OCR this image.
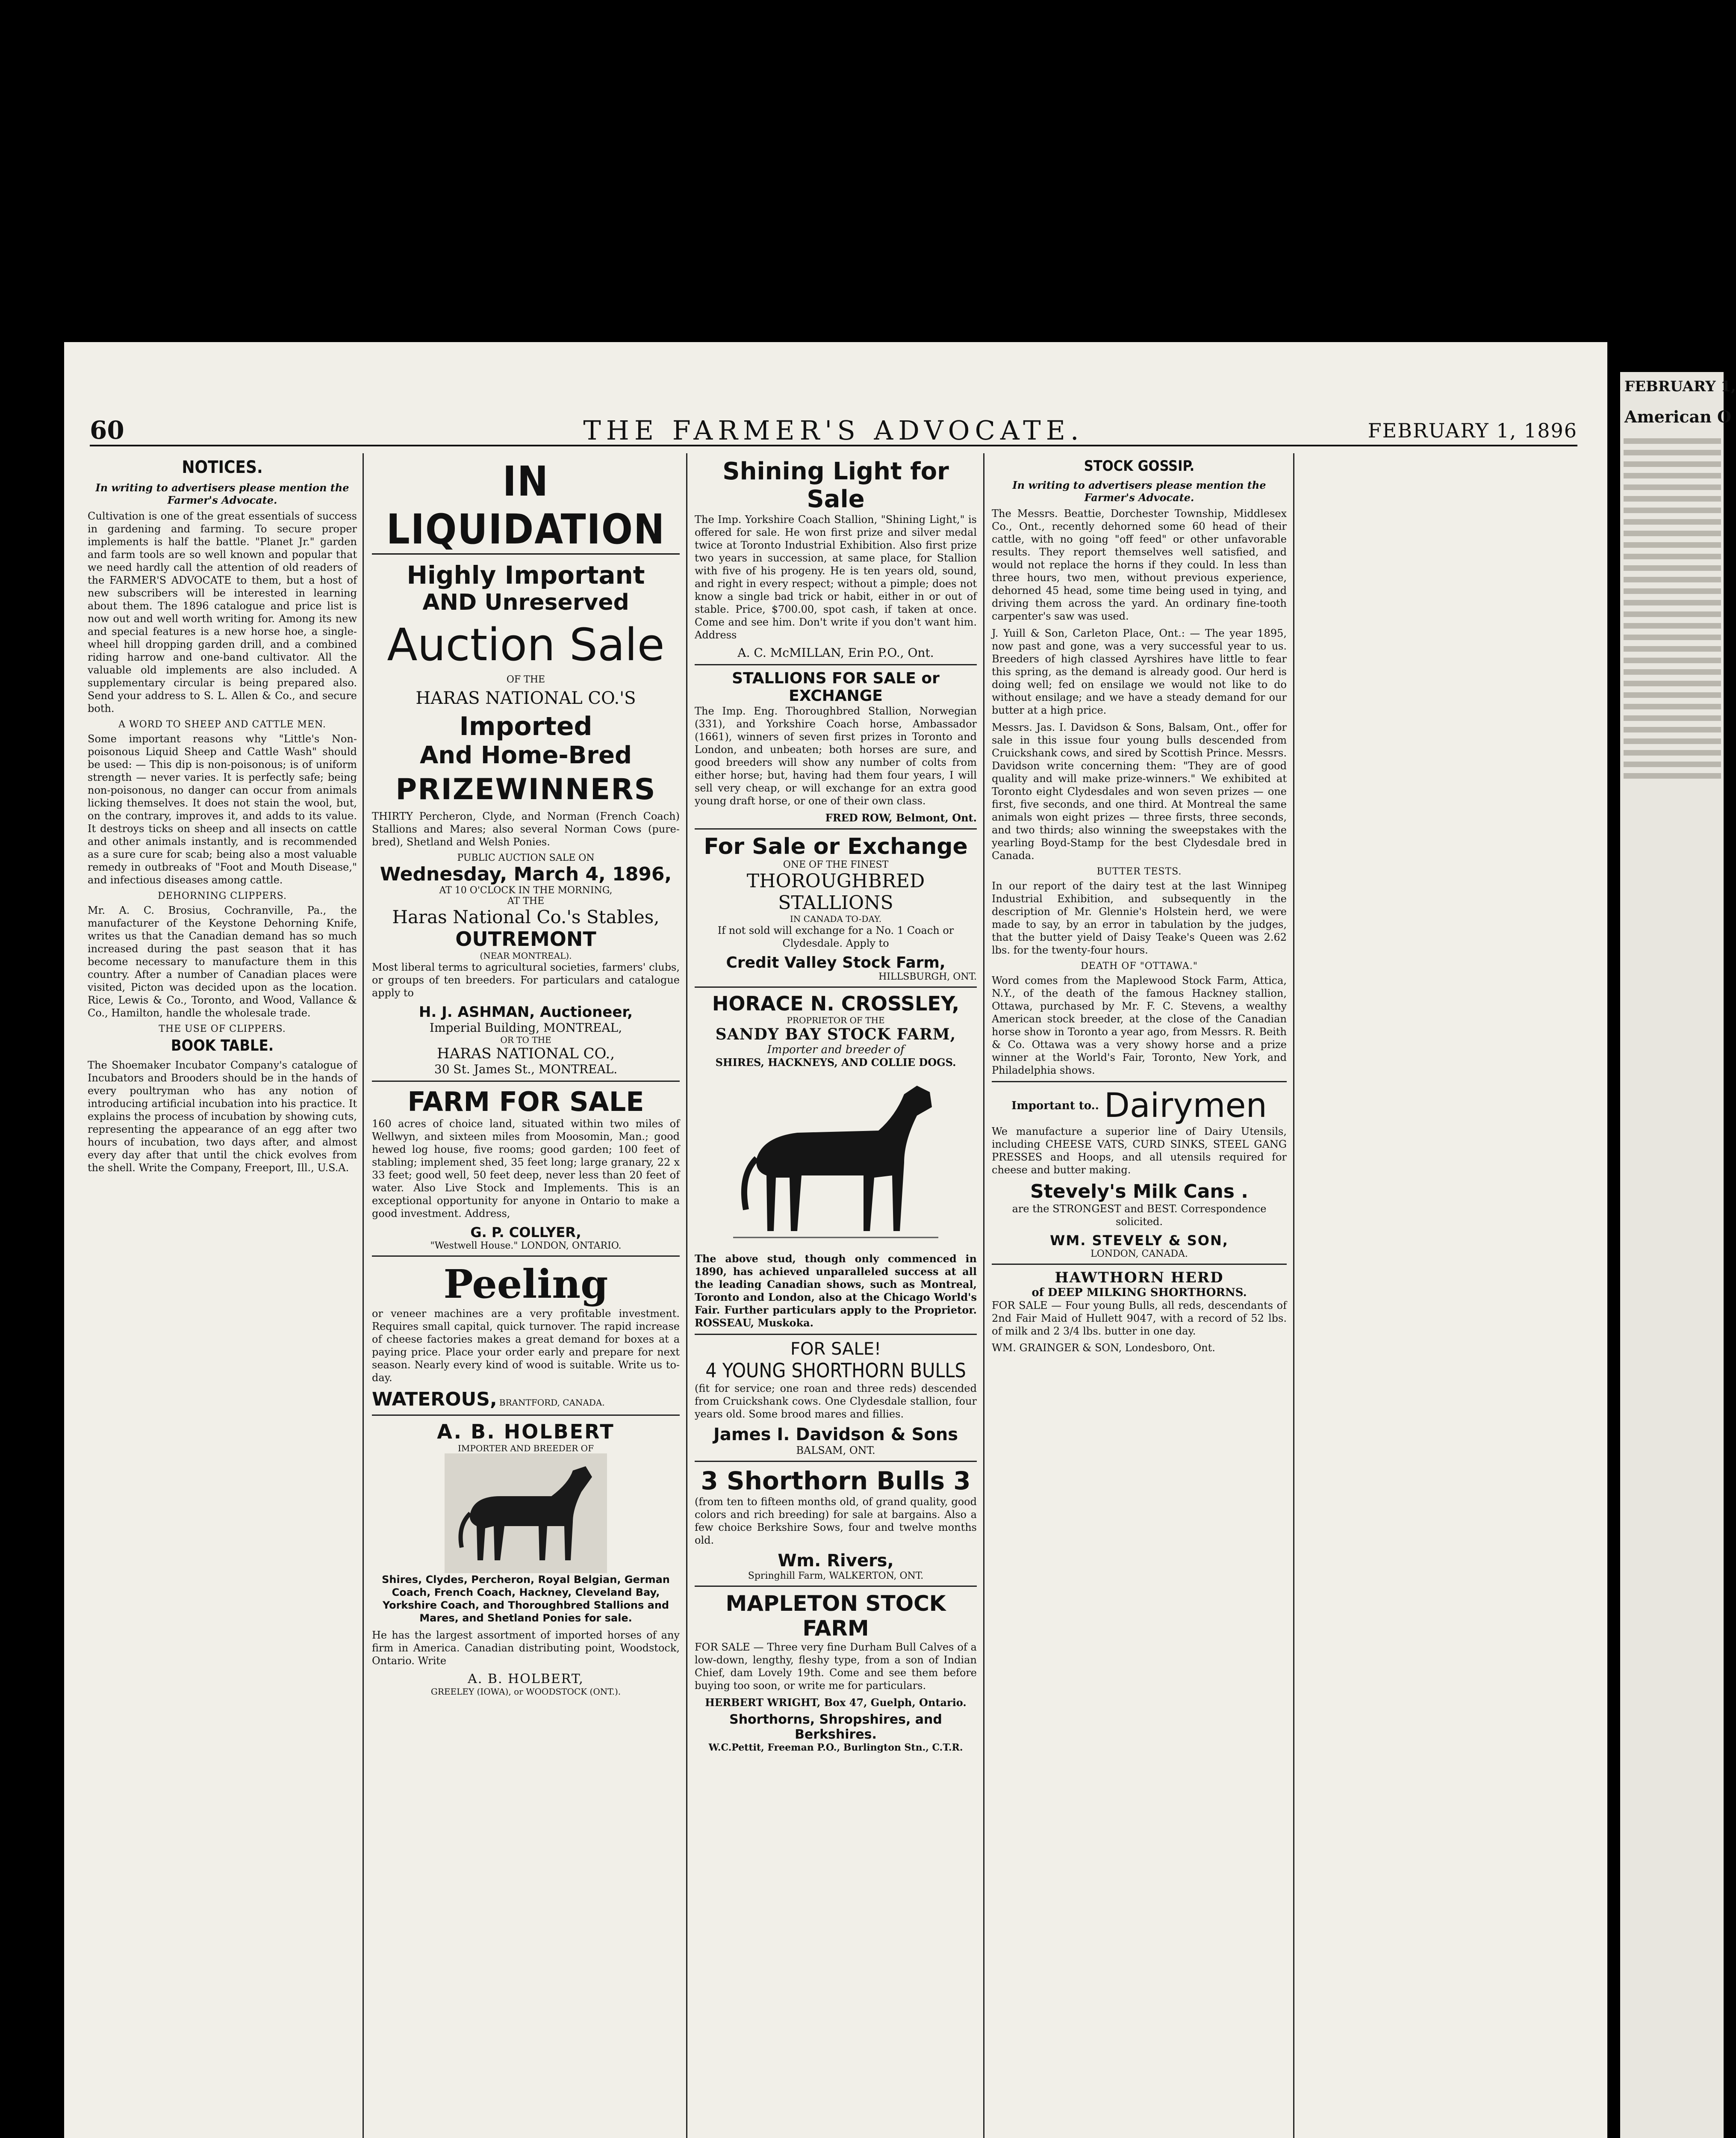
60	THE FARMER'S ADVOCATE.	FEBRUARY 1, 1896
NOTICES.

In writing to advertisers please mention the Farmer's Advocate.

Cultivation is one of the great essentials of success in gardening and farming. To secure proper implements is half the battle. "Planet Jr." garden and farm tools are so well known and popular that we need hardly call the attention of old readers of the FARMER'S ADVOCATE to them, but a host of new subscribers will be interested in learning about them. The 1896 catalogue and price list is now out and well worth writing for. Among its new and special features is a new horse hoe, a single-wheel hill dropping garden drill, and a combined riding harrow and one-band cultivator. All the valuable old implements are also included. A supplementary circular is being prepared also. Send your address to S. L. Allen & Co., and secure both.

A WORD TO SHEEP AND CATTLE MEN.

Some important reasons why "Little's Non-poisonous Liquid Sheep and Cattle Wash" should be used: — This dip is non-poisonous; is of uniform strength — never varies. It is perfectly safe; being non-poisonous, no danger can occur from animals licking themselves. It does not stain the wool, but, on the contrary, improves it, and adds to its value. It destroys ticks on sheep and all insects on cattle and other animals instantly, and is recommended as a sure cure for scab; being also a most valuable remedy in outbreaks of "Foot and Mouth Disease," and infectious diseases among cattle.

DEHORNING CLIPPERS.

Mr. A. C. Brosius, Cochranville, Pa., the manufacturer of the Keystone Dehorning Knife, writes us that the Canadian demand has so much increased during the past season that it has become necessary to manufacture them in this country. After a number of Canadian places were visited, Picton was decided upon as the location. Rice, Lewis & Co., Toronto, and Wood, Vallance & Co., Hamilton, handle the wholesale trade.

THE USE OF CLIPPERS.
BOOK TABLE.

The Shoemaker Incubator Company's catalogue of Incubators and Brooders should be in the hands of every poultryman who has any notion of introducing artificial incubation into his practice. It explains the process of incubation by showing cuts, representing the appearance of an egg after two hours of incubation, two days after, and almost every day after that until the chick evolves from the shell. Write the Company, Freeport, Ill., U.S.A.

IN LIQUIDATION
Highly Important
AND Unreserved
Auction Sale
OF THE
HARAS NATIONAL CO.'S
Imported
And Home-Bred
PRIZEWINNERS

THIRTY Percheron, Clyde, and Norman (French Coach) Stallions and Mares; also several Norman Cows (pure-bred), Shetland and Welsh Ponies.

PUBLIC AUCTION SALE ON
Wednesday, March 4, 1896,
AT 10 O'CLOCK IN THE MORNING,
AT THE
Haras National Co.'s Stables,
OUTREMONT
(NEAR MONTREAL).

Most liberal terms to agricultural societies, farmers' clubs, or groups of ten breeders. For particulars and catalogue apply to

H. J. ASHMAN, Auctioneer,
Imperial Building, MONTREAL,
OR TO THE
HARAS NATIONAL CO.,
30 St. James St., MONTREAL.
FARM FOR SALE

160 acres of choice land, situated within two miles of Wellwyn, and sixteen miles from Moosomin, Man.; good hewed log house, five rooms; good garden; 100 feet of stabling; implement shed, 35 feet long; large granary, 22 x 33 feet; good well, 50 feet deep, never less than 20 feet of water. Also Live Stock and Implements. This is an exceptional opportunity for anyone in Ontario to make a good investment. Address,

G. P. COLLYER,
"Westwell House." LONDON, ONTARIO.
Peeling

or veneer machines are a very profitable investment. Requires small capital, quick turnover. The rapid increase of cheese factories makes a great demand for boxes at a paying price. Place your order early and prepare for next season. Nearly every kind of wood is suitable. Write us to-day.

WATEROUS, BRANTFORD, CANADA.
A. B. HOLBERT
IMPORTER AND BREEDER OF

Shires, Clydes, Percheron, Royal Belgian, German Coach, French Coach, Hackney, Cleveland Bay, Yorkshire Coach, and Thoroughbred Stallions and Mares, and Shetland Ponies for sale.

He has the largest assortment of imported horses of any firm in America. Canadian distributing point, Woodstock, Ontario. Write

A. B. HOLBERT,
GREELEY (IOWA), or WOODSTOCK (ONT.).
Shining Light for Sale

The Imp. Yorkshire Coach Stallion, "Shining Light," is offered for sale. He won first prize and silver medal twice at Toronto Industrial Exhibition. Also first prize two years in succession, at same place, for Stallion with five of his progeny. He is ten years old, sound, and right in every respect; without a pimple; does not know a single bad trick or habit, either in or out of stable. Price, $700.00, spot cash, if taken at once. Come and see him. Don't write if you don't want him. Address

A. C. McMILLAN, Erin P.O., Ont.
STALLIONS FOR SALE or EXCHANGE

The Imp. Eng. Thoroughbred Stallion, Norwegian (331), and Yorkshire Coach horse, Ambassador (1661), winners of seven first prizes in Toronto and London, and unbeaten; both horses are sure, and good breeders will show any number of colts from either horse; but, having had them four years, I will sell very cheap, or will exchange for an extra good young draft horse, or one of their own class.

FRED ROW, Belmont, Ont.
For Sale or Exchange
ONE OF THE FINEST
THOROUGHBRED STALLIONS
IN CANADA TO-DAY.

If not sold will exchange for a No. 1 Coach or Clydesdale. Apply to

Credit Valley Stock Farm,
HILLSBURGH, ONT.
HORACE N. CROSSLEY,
PROPRIETOR OF THE
SANDY BAY STOCK FARM,
Importer and breeder of
SHIRES, HACKNEYS, AND COLLIE DOGS.

The above stud, though only commenced in 1890, has achieved unparalleled success at all the leading Canadian shows, such as Montreal, Toronto and London, also at the Chicago World's Fair. Further particulars apply to the Proprietor. ROSSEAU, Muskoka.

FOR SALE!
4 YOUNG SHORTHORN BULLS

(fit for service; one roan and three reds) descended from Cruickshank cows. One Clydesdale stallion, four years old. Some brood mares and fillies.

James I. Davidson & Sons
BALSAM, ONT.
3 Shorthorn Bulls 3

(from ten to fifteen months old, of grand quality, good colors and rich breeding) for sale at bargains. Also a few choice Berkshire Sows, four and twelve months old.

Wm. Rivers,
Springhill Farm, WALKERTON, ONT.
MAPLETON STOCK FARM

FOR SALE — Three very fine Durham Bull Calves of a low-down, lengthy, fleshy type, from a son of Indian Chief, dam Lovely 19th. Come and see them before buying too soon, or write me for particulars.

HERBERT WRIGHT, Box 47, Guelph, Ontario.
Shorthorns, Shropshires, and Berkshires.
W.C.Pettit, Freeman P.O., Burlington Stn., C.T.R.
STOCK GOSSIP.

In writing to advertisers please mention the Farmer's Advocate.

The Messrs. Beattie, Dorchester Township, Middlesex Co., Ont., recently dehorned some 60 head of their cattle, with no going "off feed" or other unfavorable results. They report themselves well satisfied, and would not replace the horns if they could. In less than three hours, two men, without previous experience, dehorned 45 head, some time being used in tying, and driving them across the yard. An ordinary fine-tooth carpenter's saw was used.

J. Yuill & Son, Carleton Place, Ont.: — The year 1895, now past and gone, was a very successful year to us. Breeders of high classed Ayrshires have little to fear this spring, as the demand is already good. Our herd is doing well; fed on ensilage we would not like to do without ensilage; and we have a steady demand for our butter at a high price.

Messrs. Jas. I. Davidson & Sons, Balsam, Ont., offer for sale in this issue four young bulls descended from Cruickshank cows, and sired by Scottish Prince. Messrs. Davidson write concerning them: "They are of good quality and will make prize-winners." We exhibited at Toronto eight Clydesdales and won seven prizes — one first, five seconds, and one third. At Montreal the same animals won eight prizes — three firsts, three seconds, and two thirds; also winning the sweepstakes with the yearling Boyd-Stamp for the best Clydesdale bred in Canada.

BUTTER TESTS.

In our report of the dairy test at the last Winnipeg Industrial Exhibition, and subsequently in the description of Mr. Glennie's Holstein herd, we were made to say, by an error in tabulation by the judges, that the butter yield of Daisy Teake's Queen was 2.62 lbs. for the twenty-four hours.

DEATH OF "OTTAWA."

Word comes from the Maplewood Stock Farm, Attica, N.Y., of the death of the famous Hackney stallion, Ottawa, purchased by Mr. F. C. Stevens, a wealthy American stock breeder, at the close of the Canadian horse show in Toronto a year ago, from Messrs. R. Beith & Co. Ottawa was a very showy horse and a prize winner at the World's Fair, Toronto, New York, and Philadelphia shows.

Important to.. Dairymen

We manufacture a superior line of Dairy Utensils, including CHEESE VATS, CURD SINKS, STEEL GANG PRESSES and Hoops, and all utensils required for cheese and butter making.

Stevely's Milk Cans .

are the STRONGEST and BEST. Correspondence solicited.

WM. STEVELY & SON,
LONDON, CANADA.
HAWTHORN HERD
of DEEP MILKING SHORTHORNS.

FOR SALE — Four young Bulls, all reds, descendants of 2nd Fair Maid of Hullett 9047, with a record of 52 lbs. of milk and 2 3/4 lbs. butter in one day.

WM. GRAINGER & SON, Londesboro, Ont.
FEBRUARY 1,
American O
